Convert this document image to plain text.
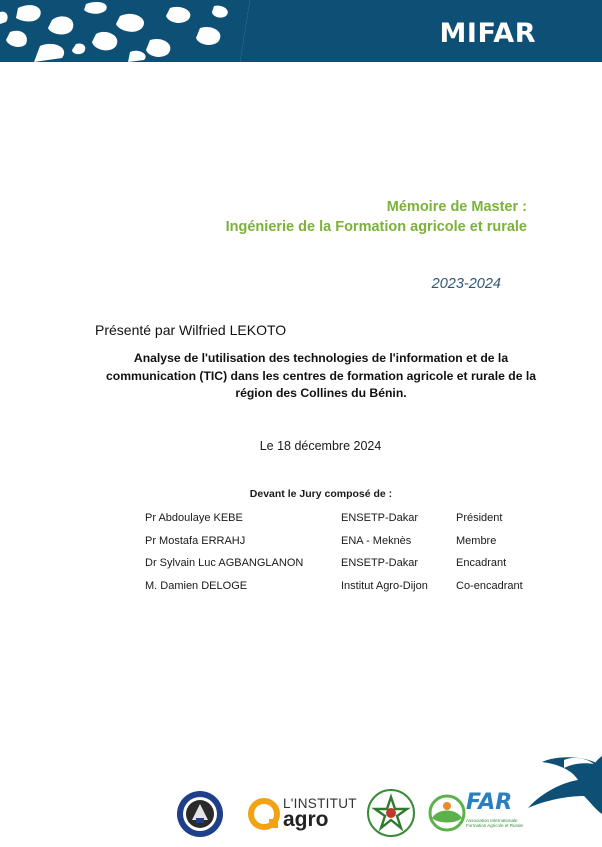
MIFAR
Mémoire de Master :
Ingénierie de la Formation agricole et rurale
2023-2024
Présenté par Wilfried LEKOTO
Analyse de l'utilisation des technologies de l'information et de la communication (TIC) dans les centres de formation agricole et rurale de la région des Collines du Bénin.
Le 18 décembre 2024
Devant le Jury composé de :
Pr Abdoulaye KEBE	ENSETP-Dakar	Président
Pr Mostafa ERRAHJ	ENA - Meknès	Membre
Dr Sylvain Luc AGBANGLANON	ENSETP-Dakar	Encadrant
M. Damien DELOGE	Institut Agro-Dijon	Co-encadrant
L'INSTITUT
agro
FAR
Association Internationale Formation Agricole et Rurale
